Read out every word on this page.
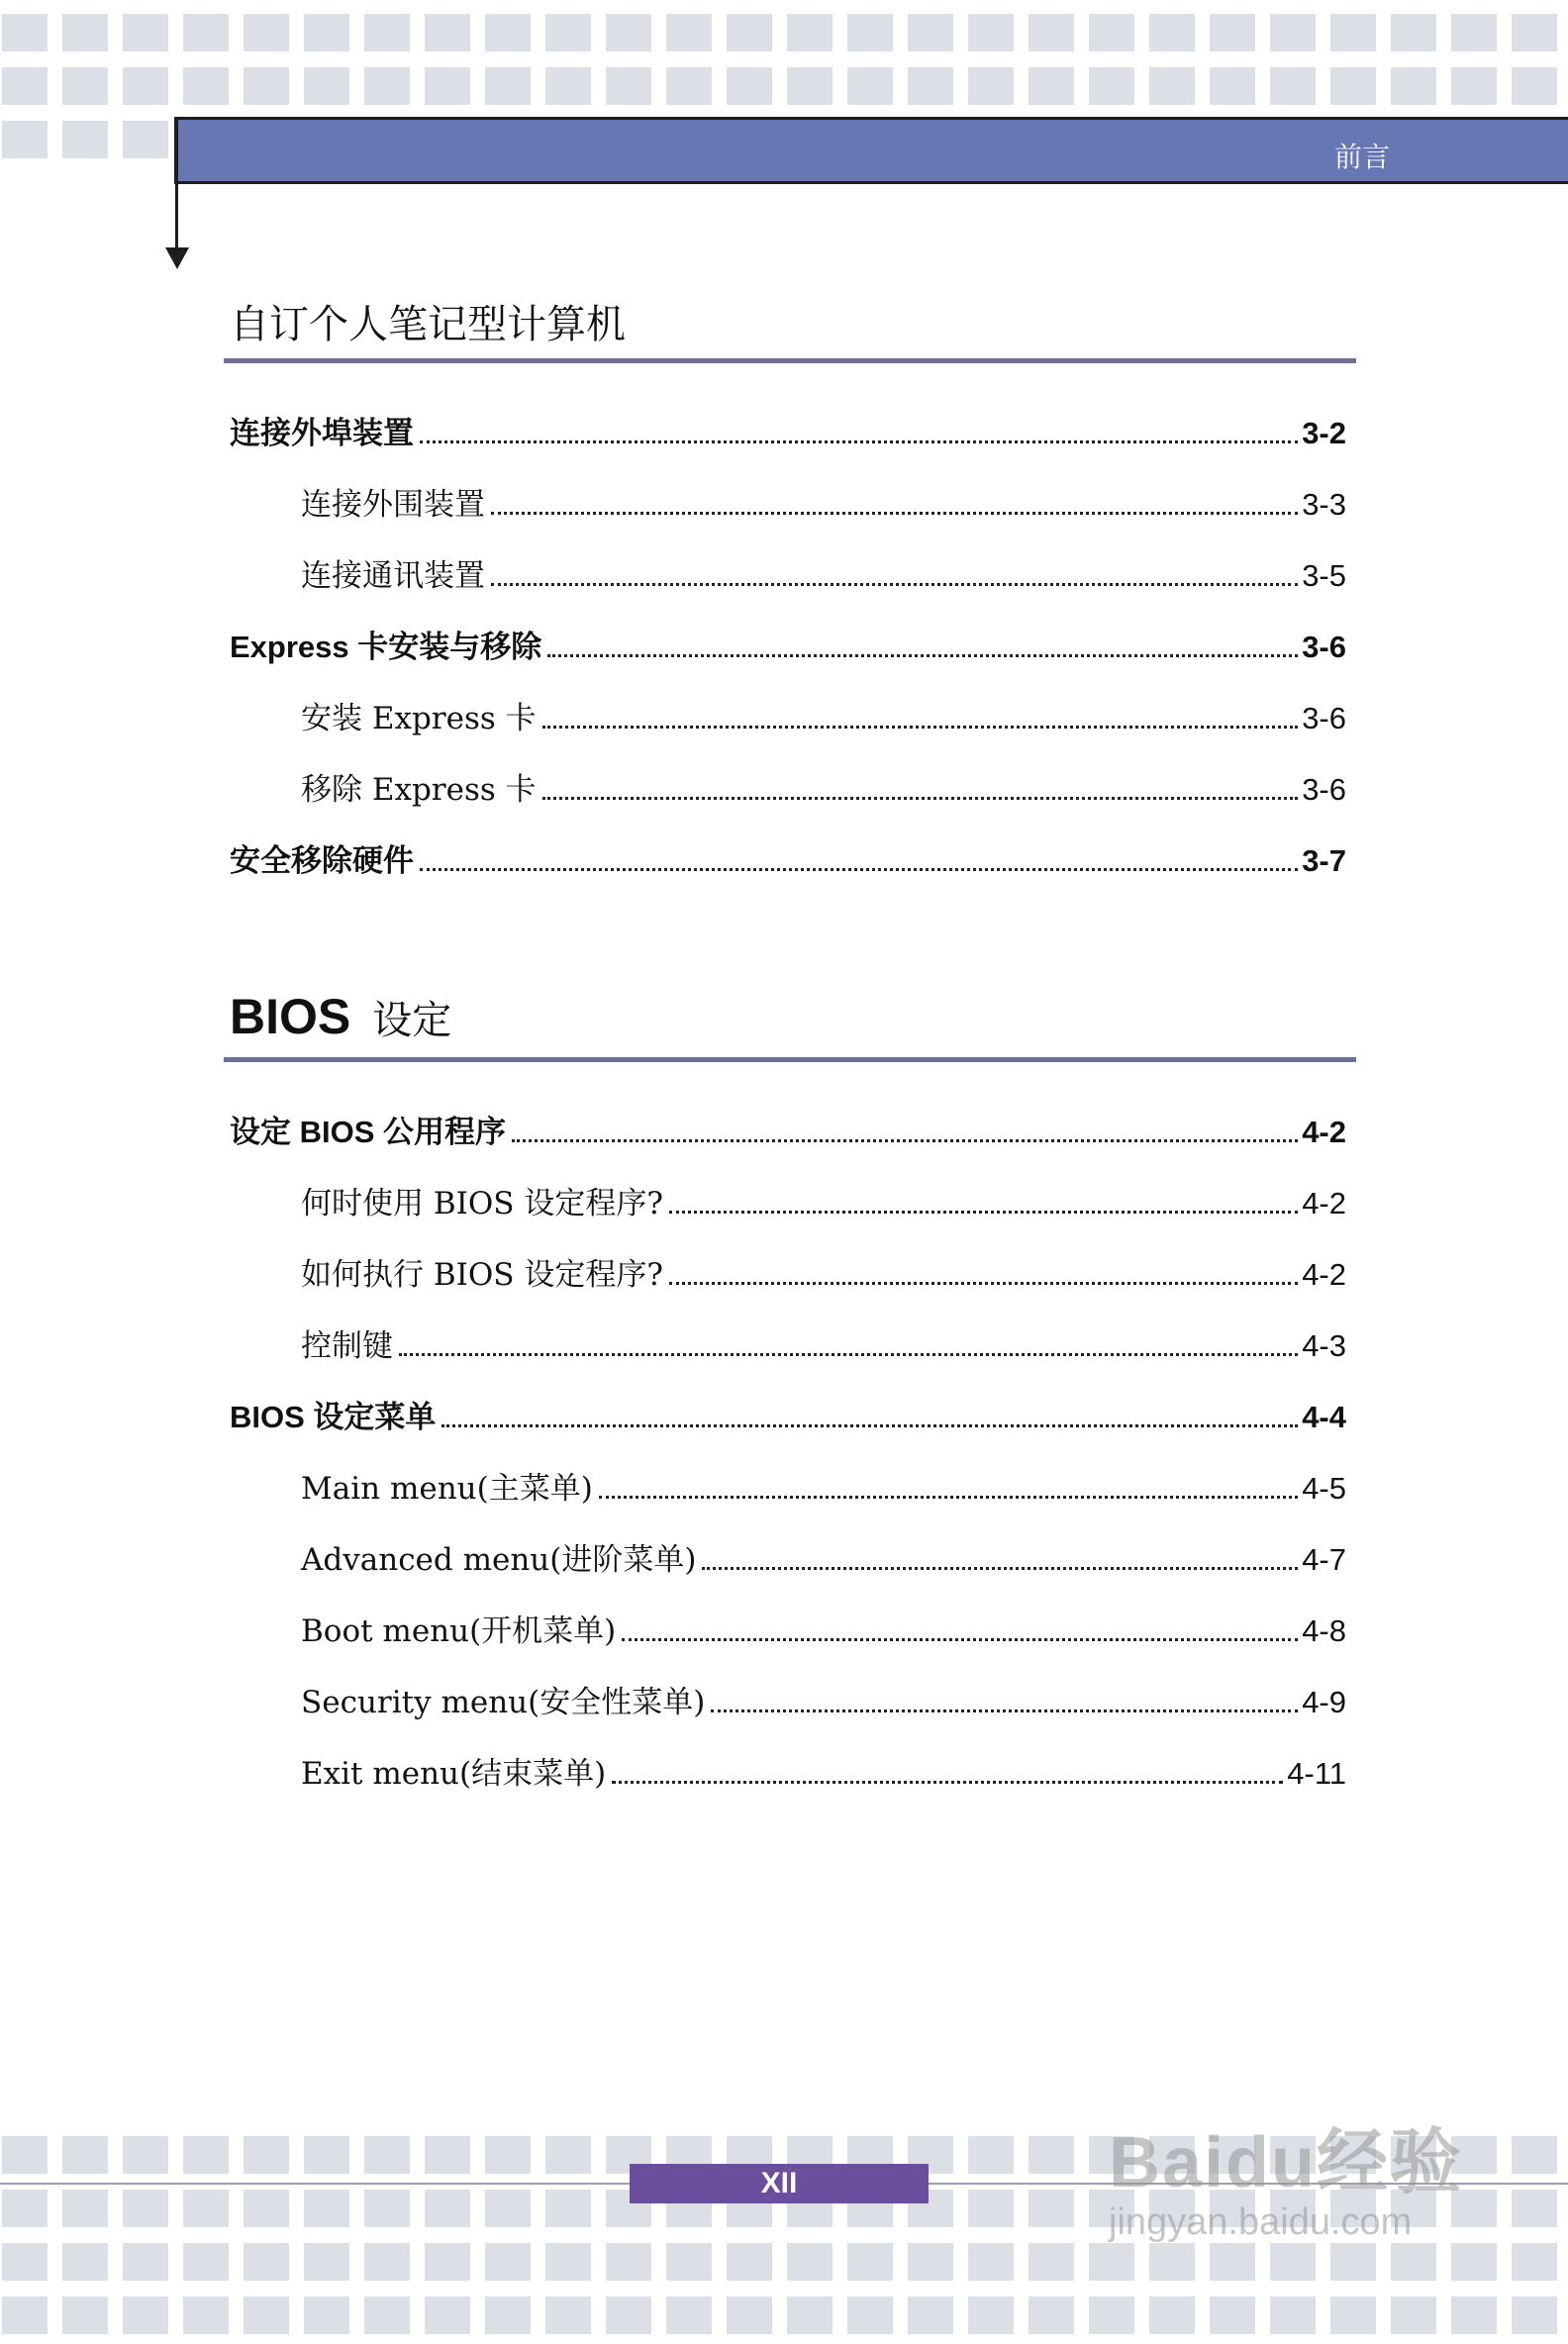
前言
自订个人笔记型计算机
连接外埠装置	3-2
连接外围装置	3-3
连接通讯装置	3-5
Express 卡安装与移除	3-6
安装 Express 卡	3-6
移除 Express 卡	3-6
安全移除硬件	3-7
BIOS 设定
设定 BIOS 公用程序	4-2
何时使用 BIOS 设定程序?	4-2
如何执行 BIOS 设定程序?	4-2
控制键	4-3
BIOS 设定菜单	4-4
Main menu(主菜单)	4-5
Advanced menu(进阶菜单)	4-7
Boot menu(开机菜单)	4-8
Security menu(安全性菜单)	4-9
Exit menu(结束菜单)	4-11
XII	Baidu经验
jingyan.baidu.com
